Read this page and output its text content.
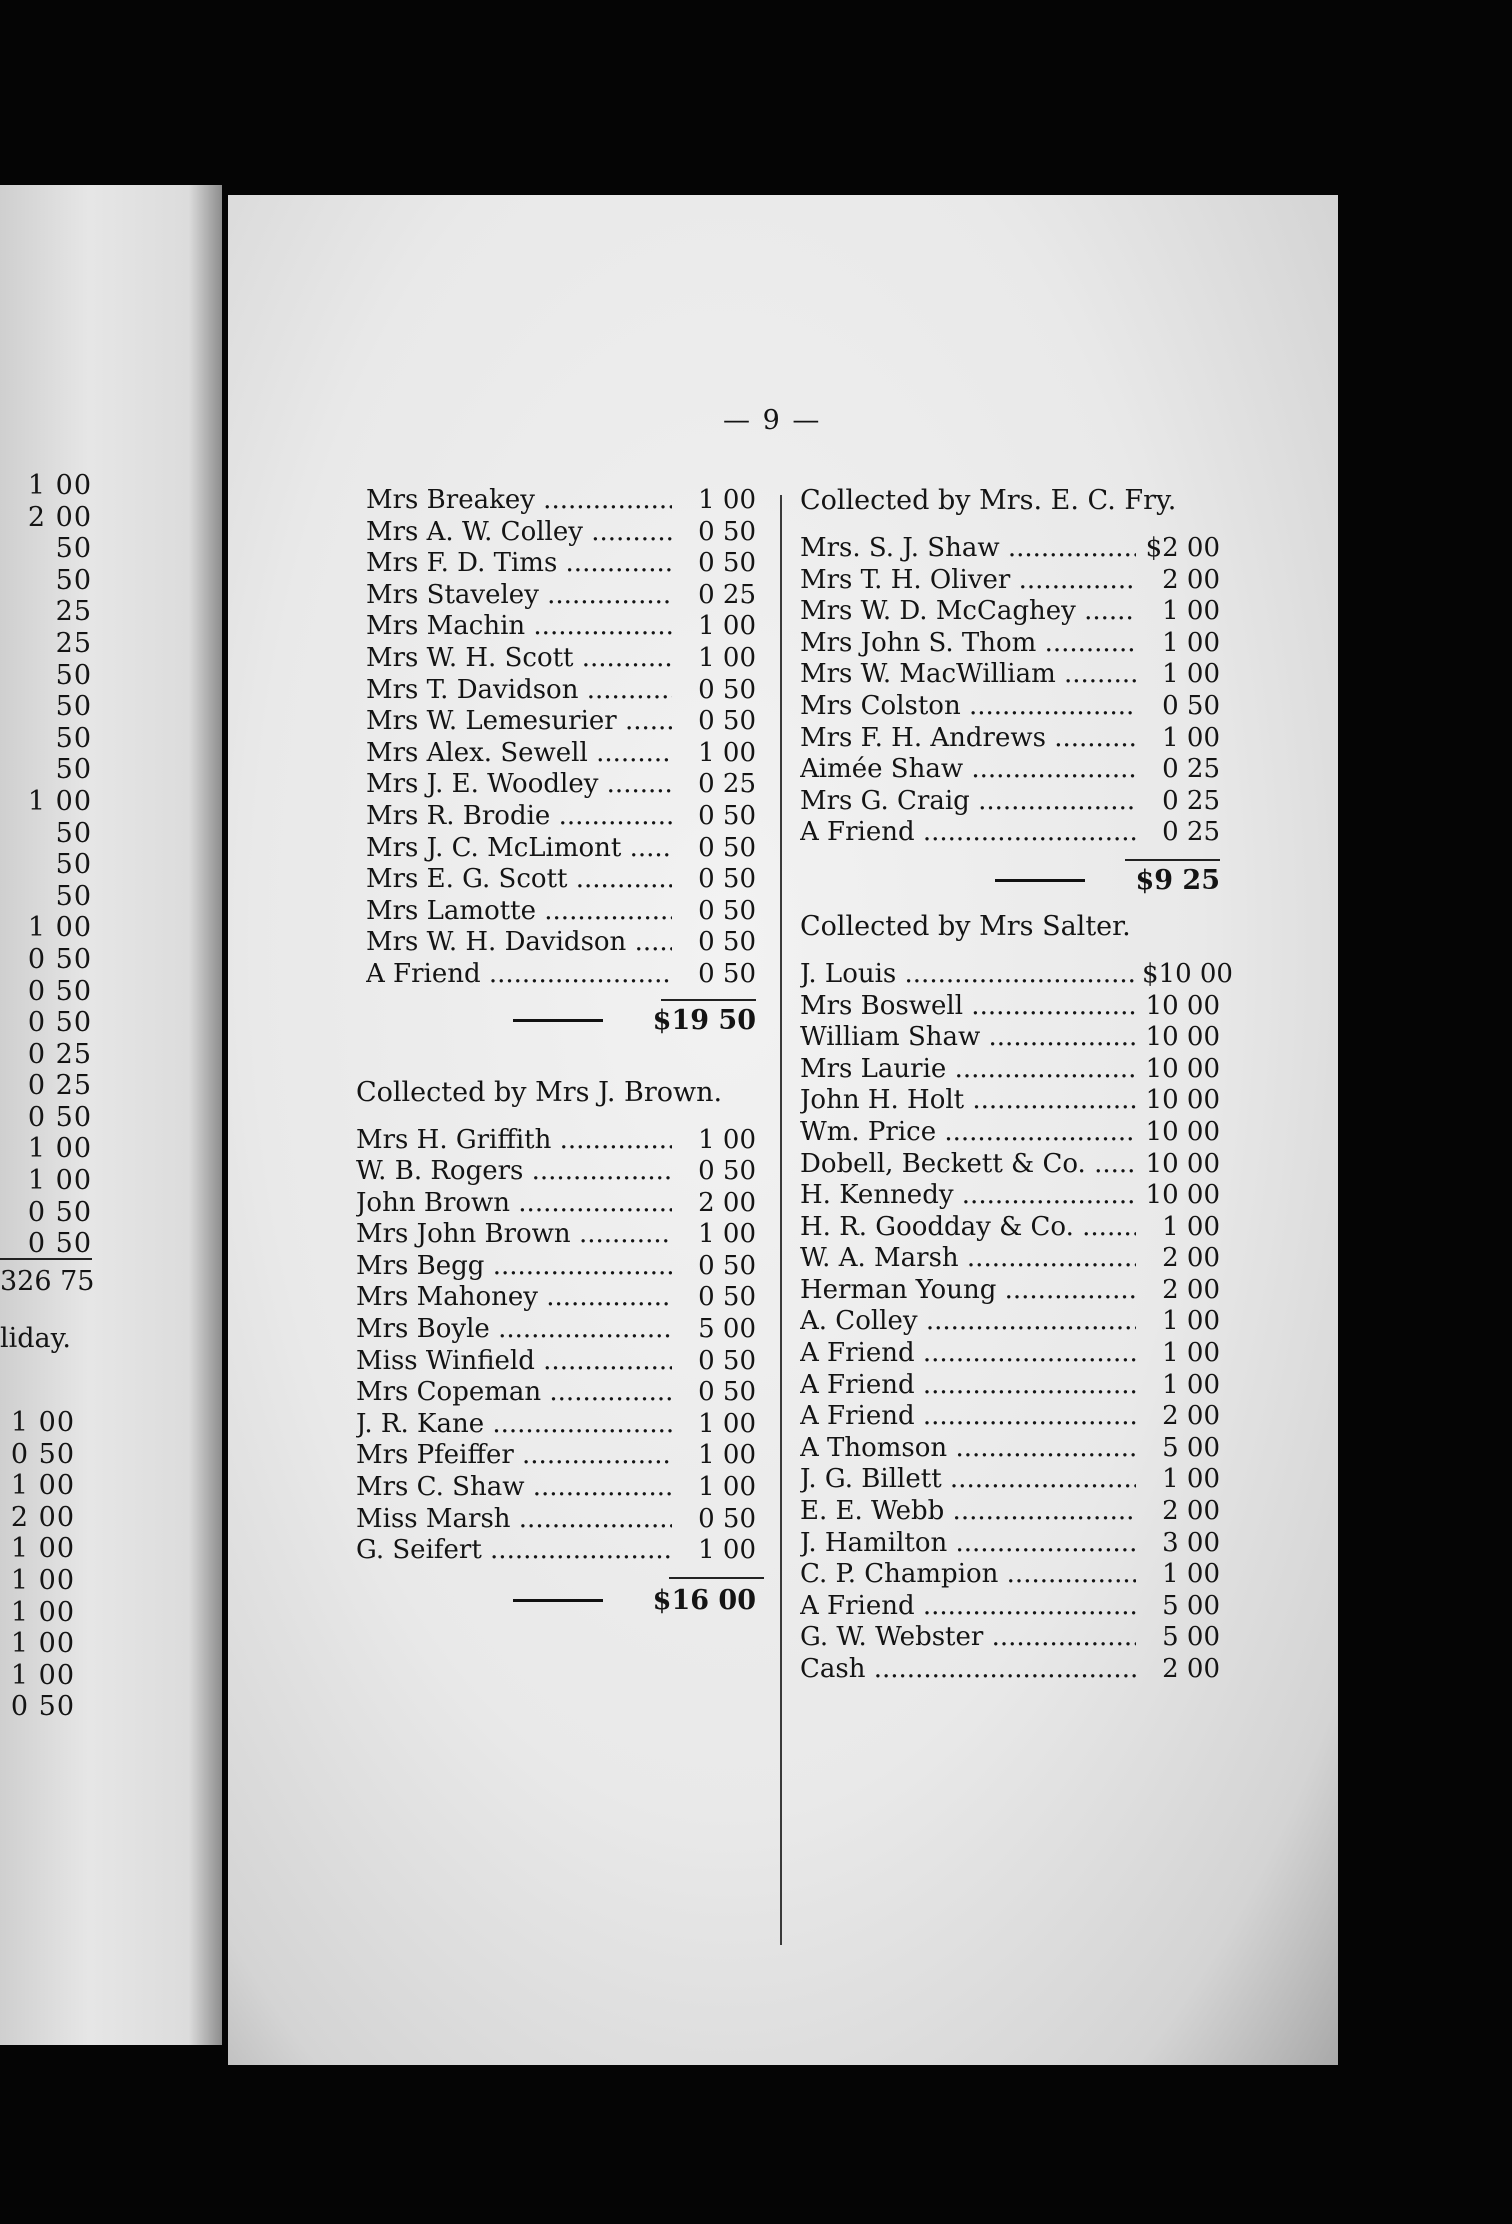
1 00
2 00
50
50
25
25
50
50
50
50
1 00
50
50
50
1 00
0 50
0 50
0 50
0 25
0 25
0 50
1 00
1 00
0 50
0 50
326 75
liday.
1 00
0 50
1 00
2 00
1 00
1 00
1 00
1 00
1 00
0 50
— 9 —
Mrs Breakey .....	1 00
Mrs A. W. Colley .....	0 50
Mrs F. D. Tims .....	0 50
Mrs Staveley .....	0 25
Mrs Machin .....	1 00
Mrs W. H. Scott .....	1 00
Mrs T. Davidson .....	0 50
Mrs W. Lemesurier .....	0 50
Mrs Alex. Sewell .....	1 00
Mrs J. E. Woodley .....	0 25
Mrs R. Brodie .....	0 50
Mrs J. C. McLimont .....	0 50
Mrs E. G. Scott .....	0 50
Mrs Lamotte .....	0 50
Mrs W. H. Davidson .....	0 50
A Friend .....	0 50
$19 50
Collected by Mrs J. Brown.
Mrs H. Griffith .....	1 00
W. B. Rogers .....	0 50
John Brown .....	2 00
Mrs John Brown .....	1 00
Mrs Begg .....	0 50
Mrs Mahoney .....	0 50
Mrs Boyle .....	5 00
Miss Winfield .....	0 50
Mrs Copeman .....	0 50
J. R. Kane .....	1 00
Mrs Pfeiffer .....	1 00
Mrs C. Shaw .....	1 00
Miss Marsh .....	0 50
G. Seifert .....	1 00
$16 00
Collected by Mrs. E. C. Fry.
Mrs. S. J. Shaw .....	$2 00
Mrs T. H. Oliver .....	2 00
Mrs W. D. McCaghey .....	1 00
Mrs John S. Thom .....	1 00
Mrs W. MacWilliam .....	1 00
Mrs Colston .....	0 50
Mrs F. H. Andrews .....	1 00
Aimée Shaw .....	0 25
Mrs G. Craig .....	0 25
A Friend .....	0 25
$9 25
Collected by Mrs Salter.
J. Louis .....	$10 00
Mrs Boswell .....	10 00
William Shaw .....	10 00
Mrs Laurie .....	10 00
John H. Holt .....	10 00
Wm. Price .....	10 00
Dobell, Beckett & Co. .....	10 00
H. Kennedy .....	10 00
H. R. Goodday & Co. .....	1 00
W. A. Marsh .....	2 00
Herman Young .....	2 00
A. Colley .....	1 00
A Friend .....	1 00
A Friend .....	1 00
A Friend .....	2 00
A Thomson .....	5 00
J. G. Billett .....	1 00
E. E. Webb .....	2 00
J. Hamilton .....	3 00
C. P. Champion .....	1 00
A Friend .....	5 00
G. W. Webster .....	5 00
Cash .....	2 00
